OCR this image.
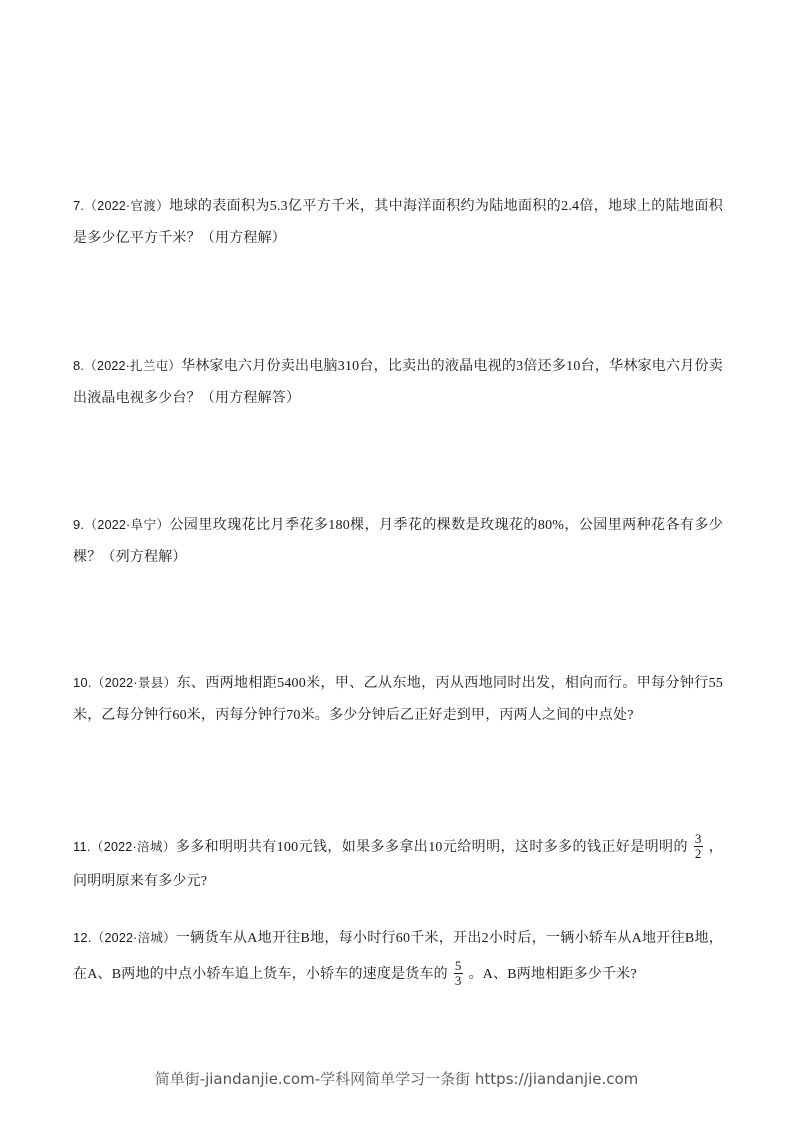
7.（2022·官渡）地球的表面积为5.3亿平方千米，其中海洋面积约为陆地面积的2.4倍，地球上的陆地面积是多少亿平方千米？（用方程解）
8.（2022·扎兰屯）华林家电六月份卖出电脑310台，比卖出的液晶电视的3倍还多10台，华林家电六月份卖出液晶电视多少台？（用方程解答）
9.（2022·阜宁）公园里玫瑰花比月季花多180棵，月季花的棵数是玫瑰花的80%，公园里两种花各有多少棵？（列方程解）
10.（2022·景县）东、西两地相距5400米，甲、乙从东地，丙从西地同时出发，相向而行。甲每分钟行55米，乙每分钟行60米，丙每分钟行70米。多少分钟后乙正好走到甲，丙两人之间的中点处?
11.（2022·涪城）多多和明明共有100元钱，如果多多拿出10元给明明，这时多多的钱正好是明明的 $\frac{3}{2}$ ，问明明原来有多少元?
12.（2022·涪城）一辆货车从A地开往B地，每小时行60千米，开出2小时后，一辆小轿车从A地开往B地，在A、B两地的中点小轿车追上货车，小轿车的速度是货车的 $\frac{5}{3}$ 。A、B两地相距多少千米?
简单街-jiandanjie.com-学科网简单学习一条街 https://jiandanjie.com
